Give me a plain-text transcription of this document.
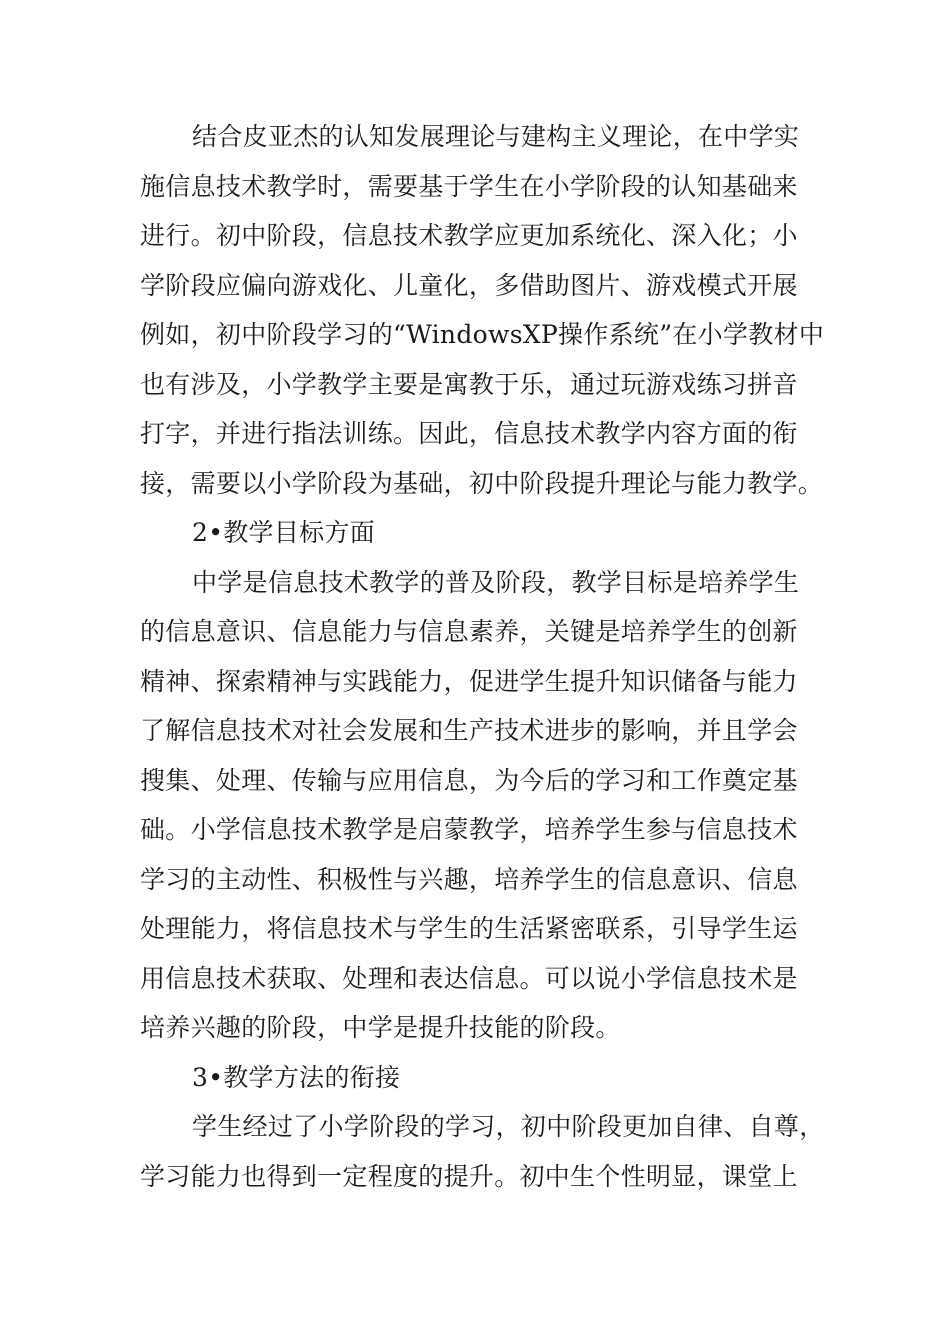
结合皮亚杰的认知发展理论与建构主义理论，在中学实
施信息技术教学时，需要基于学生在小学阶段的认知基础来
进行。初中阶段，信息技术教学应更加系统化、深入化；小
学阶段应偏向游戏化、儿童化，多借助图片、游戏模式开展
例如，初中阶段学习的“WindowsXP操作系统”在小学教材中
也有涉及，小学教学主要是寓教于乐，通过玩游戏练习拼音
打字，并进行指法训练。因此，信息技术教学内容方面的衔
接，需要以小学阶段为基础，初中阶段提升理论与能力教学。
2•教学目标方面
中学是信息技术教学的普及阶段，教学目标是培养学生
的信息意识、信息能力与信息素养，关键是培养学生的创新
精神、探索精神与实践能力，促进学生提升知识储备与能力
了解信息技术对社会发展和生产技术进步的影响，并且学会
搜集、处理、传输与应用信息，为今后的学习和工作奠定基
础。小学信息技术教学是启蒙教学，培养学生参与信息技术
学习的主动性、积极性与兴趣，培养学生的信息意识、信息
处理能力，将信息技术与学生的生活紧密联系，引导学生运
用信息技术获取、处理和表达信息。可以说小学信息技术是
培养兴趣的阶段，中学是提升技能的阶段。
3•教学方法的衔接
学生经过了小学阶段的学习，初中阶段更加自律、自尊，
学习能力也得到一定程度的提升。初中生个性明显，课堂上
